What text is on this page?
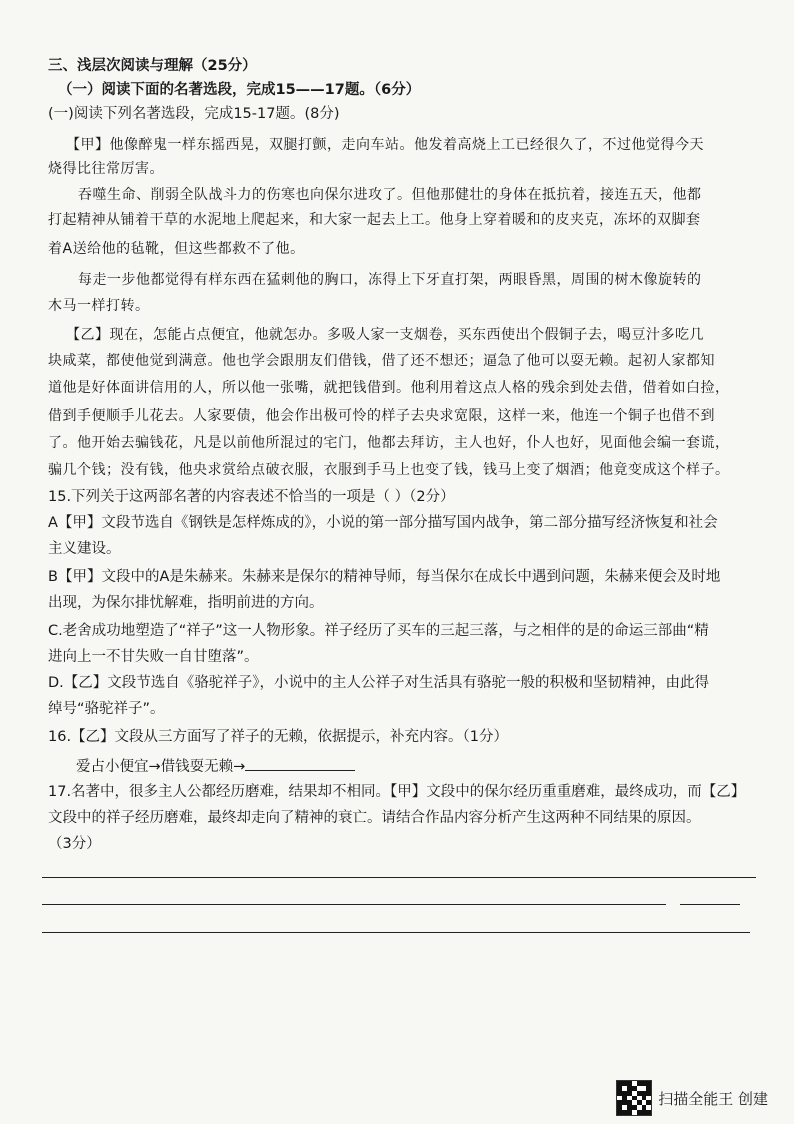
三、浅层次阅读与理解（25分）
（一）阅读下面的名著选段，完成15——17题。（6分）
(一)阅读下列名著选段，完成15-17题。(8分)
【甲】他像醉鬼一样东摇西晃，双腿打颤，走向车站。他发着高烧上工已经很久了，不过他觉得今天
烧得比往常厉害。
吞噬生命、削弱全队战斗力的伤寒也向保尔进攻了。但他那健壮的身体在抵抗着，接连五天，他都
打起精神从铺着干草的水泥地上爬起来，和大家一起去上工。他身上穿着暖和的皮夹克，冻坏的双脚套
着A送给他的毡靴，但这些都救不了他。
每走一步他都觉得有样东西在猛刺他的胸口，冻得上下牙直打架，两眼昏黑，周围的树木像旋转的
木马一样打转。
【乙】现在，怎能占点便宜，他就怎办。多吸人家一支烟卷，买东西使出个假铜子去，喝豆汁多吃几
块咸菜，都使他觉到满意。他也学会跟朋友们借钱，借了还不想还；逼急了他可以耍无赖。起初人家都知
道他是好体面讲信用的人，所以他一张嘴，就把钱借到。他利用着这点人格的残余到处去借，借着如白捡，
借到手便顺手儿花去。人家要债，他会作出极可怜的样子去央求宽限，这样一来，他连一个铜子也借不到
了。他开始去骗钱花，凡是以前他所混过的宅门，他都去拜访，主人也好，仆人也好，见面他会编一套谎，
骗几个钱；没有钱，他央求赏给点破衣服，衣服到手马上也变了钱，钱马上变了烟酒；他竟变成这个样子。
15.下列关于这两部名著的内容表述不恰当的一项是（ ）（2分）
A【甲】文段节选自《钢铁是怎样炼成的》，小说的第一部分描写国内战争，第二部分描写经济恢复和社会
主义建设。
B【甲】文段中的A是朱赫来。朱赫来是保尔的精神导师，每当保尔在成长中遇到问题，朱赫来便会及时地
出现，为保尔排忧解难，指明前进的方向。
C.老舍成功地塑造了“祥子”这一人物形象。祥子经历了买车的三起三落，与之相伴的是的命运三部曲“精
进向上一不甘失败一自甘堕落”。
D.【乙】文段节选自《骆驼祥子》，小说中的主人公祥子对生活具有骆驼一般的积极和坚韧精神，由此得
绰号“骆驼祥子”。
16.【乙】文段从三方面写了祥子的无赖，依据提示，补充内容。（1分）
爱占小便宜→借钱耍无赖→
17.名著中，很多主人公都经历磨难，结果却不相同。【甲】文段中的保尔经历重重磨难，最终成功，而【乙】
文段中的祥子经历磨难，最终却走向了精神的衰亡。请结合作品内容分析产生这两种不同结果的原因。
（3分）
扫描全能王 创建
